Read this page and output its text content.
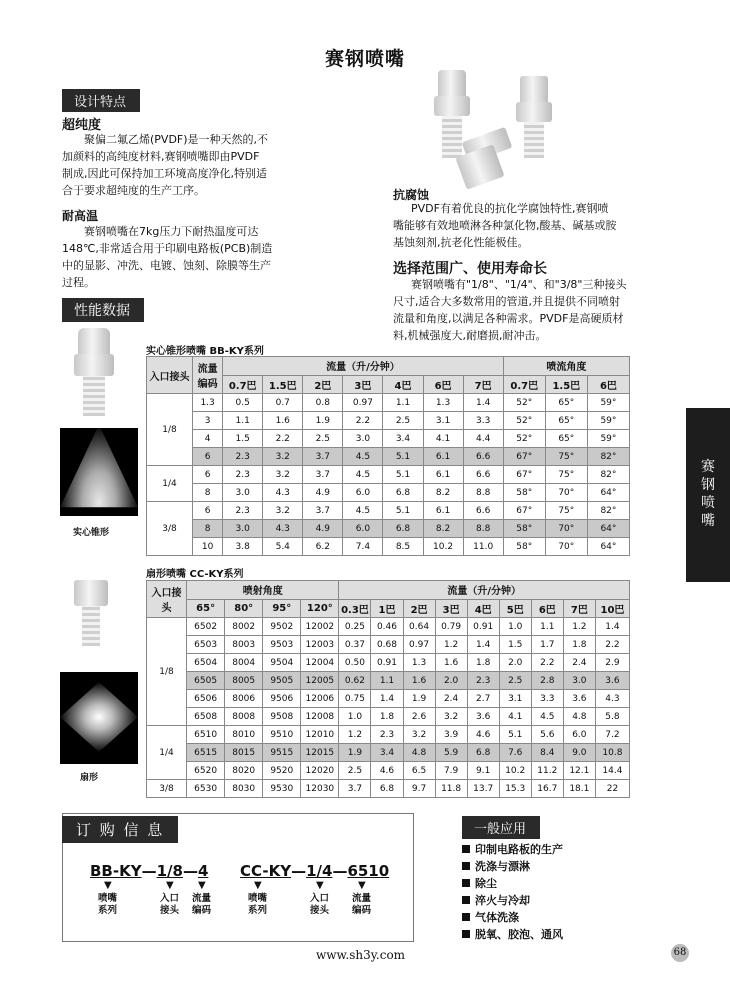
赛钢喷嘴
设计特点
超纯度
聚偏二氟乙烯(PVDF)是一种天然的,不
加颜料的高纯度材料,赛钢喷嘴即由PVDF
制成,因此可保持加工环境高度净化,特别适
合于要求超纯度的生产工序。
耐高温
赛钢喷嘴在7kg压力下耐热温度可达
148℃,非常适合用于印刷电路板(PCB)制造
中的显影、冲洗、电镀、蚀刻、除膜等生产
过程。
抗腐蚀
PVDF有着优良的抗化学腐蚀特性,赛钢喷
嘴能够有效地喷淋各种氯化物,酸基、碱基或胺
基蚀刻剂,抗老化性能极佳。
选择范围广、使用寿命长
赛钢喷嘴有"1/8"、"1/4"、和"3/8"三种接头
尺寸,适合大多数常用的管道,并且提供不同喷射
流量和角度,以满足各种需求。PVDF是高硬质材
料,机械强度大,耐磨损,耐冲击。
赛
钢
喷
嘴
性能数据
实心锥形
实心锥形喷嘴 BB-KY系列
入口接头	流量编码	流量（升/分钟）							喷流角度		
		0.7巴	1.5巴	2巴	3巴	4巴	6巴	7巴	0.7巴	1.5巴	6巴
1/8	1.3	0.5	0.7	0.8	0.97	1.1	1.3	1.4	52°	65°	59°
	3	1.1	1.6	1.9	2.2	2.5	3.1	3.3	52°	65°	59°
	4	1.5	2.2	2.5	3.0	3.4	4.1	4.4	52°	65°	59°
	6	2.3	3.2	3.7	4.5	5.1	6.1	6.6	67°	75°	82°
1/4	6	2.3	3.2	3.7	4.5	5.1	6.1	6.6	67°	75°	82°
	8	3.0	4.3	4.9	6.0	6.8	8.2	8.8	58°	70°	64°
3/8	6	2.3	3.2	3.7	4.5	5.1	6.1	6.6	67°	75°	82°
	8	3.0	4.3	4.9	6.0	6.8	8.2	8.8	58°	70°	64°
	10	3.8	5.4	6.2	7.4	8.5	10.2	11.0	58°	70°	64°
扇形
扇形喷嘴 CC-KY系列
入口接头	喷射角度				流量（升/分钟）								
	65°	80°	95°	120°	0.3巴	1巴	2巴	3巴	4巴	5巴	6巴	7巴	10巴
1/8	6502	8002	9502	12002	0.25	0.46	0.64	0.79	0.91	1.0	1.1	1.2	1.4
	6503	8003	9503	12003	0.37	0.68	0.97	1.2	1.4	1.5	1.7	1.8	2.2
	6504	8004	9504	12004	0.50	0.91	1.3	1.6	1.8	2.0	2.2	2.4	2.9
	6505	8005	9505	12005	0.62	1.1	1.6	2.0	2.3	2.5	2.8	3.0	3.6
	6506	8006	9506	12006	0.75	1.4	1.9	2.4	2.7	3.1	3.3	3.6	4.3
	6508	8008	9508	12008	1.0	1.8	2.6	3.2	3.6	4.1	4.5	4.8	5.8
1/4	6510	8010	9510	12010	1.2	2.3	3.2	3.9	4.6	5.1	5.6	6.0	7.2
	6515	8015	9515	12015	1.9	3.4	4.8	5.9	6.8	7.6	8.4	9.0	10.8
	6520	8020	9520	12020	2.5	4.6	6.5	7.9	9.1	10.2	11.2	12.1	14.4
3/8	6530	8030	9530	12030	3.7	6.8	9.7	11.8	13.7	15.3	16.7	18.1	22
订 购 信 息
BB-KY—1/8—4 CC-KY—1/4—6510
▼	▼ ▼
喷嘴
系列
入口
接头
流量
编码
▼	▼	▼
喷嘴
系列
入口
接头
流量
编码
一般应用
印制电路板的生产
洗涤与漂淋
除尘
淬火与冷却
气体洗涤
脱氧、胶泡、通风
www.sh3y.com	68
